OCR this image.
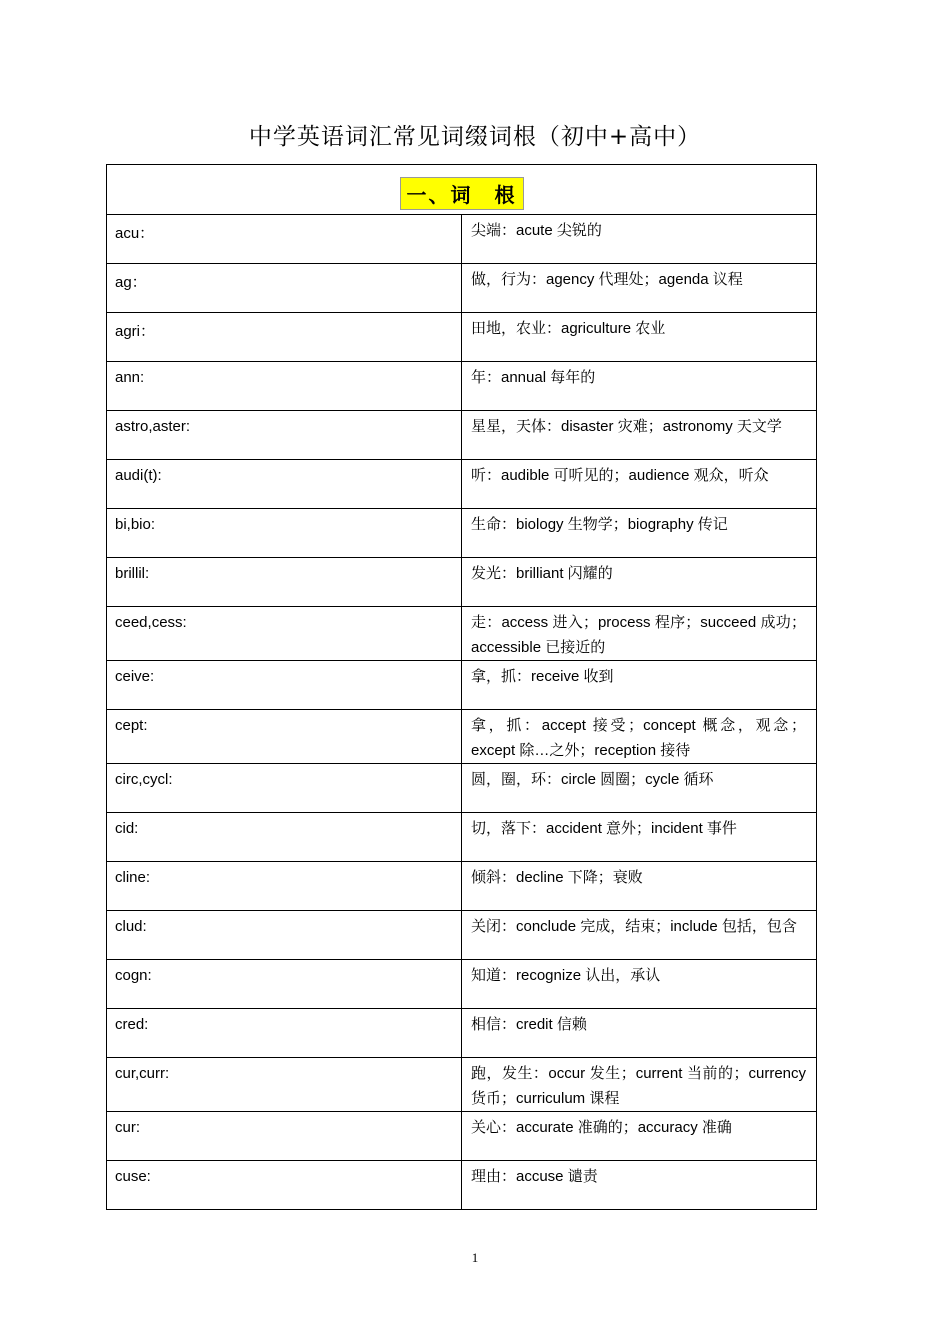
中学英语词汇常见词缀词根（初中+高中）
一、词　根	
acu：	尖端：acute 尖锐的

ag：	做，行为：agency 代理处；agenda 议程

agri：	田地，农业：agriculture 农业

ann:	年：annual 每年的

astro,aster:	星星，天体：disaster 灾难；astronomy 天文学

audi(t):	听：audible 可听见的；audience 观众，听众

bi,bio:	生命：biology 生物学；biography 传记

brillil:	发光：brilliant 闪耀的

ceed,cess:	走：access 进入；process 程序；succeed 成功；accessible 已接近的

ceive:	拿，抓：receive 收到

cept:	拿，抓：accept 接受；concept 概念，观念；except 除…之外；reception 接待

circ,cycl:	圆，圈，环：circle 圆圈；cycle 循环

cid:	切，落下：accident 意外；incident 事件

cline:	倾斜：decline 下降；衰败

clud:	关闭：conclude 完成，结束；include 包括，包含

cogn:	知道：recognize 认出，承认

cred:	相信：credit 信赖

cur,curr:	跑，发生：occur 发生；current 当前的；currency 货币；curriculum 课程

cur:	关心：accurate 准确的；accuracy 准确

cuse:	理由：accuse 谴责
1
